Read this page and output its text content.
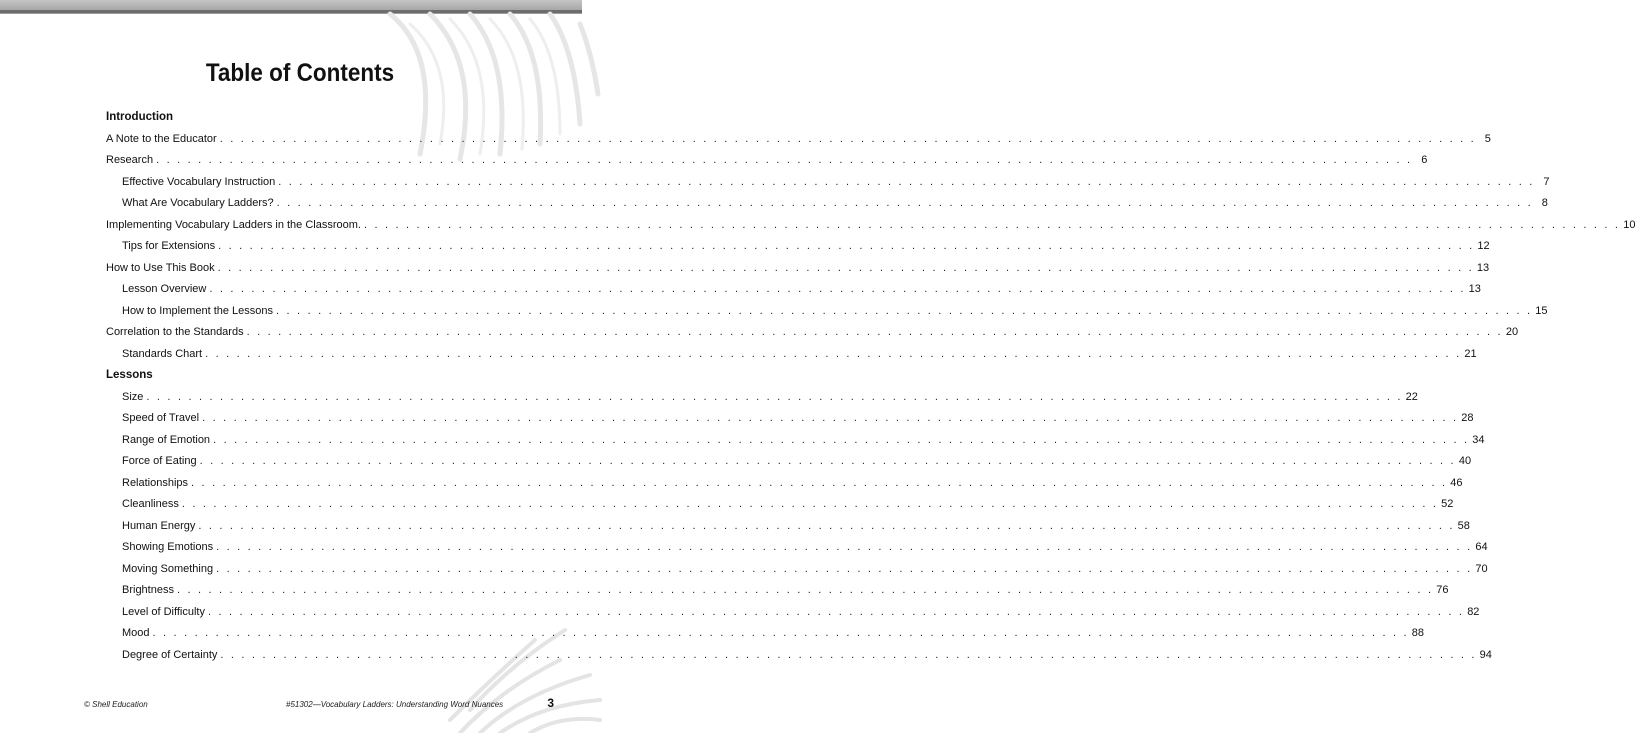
Table of Contents
Introduction
A Note to the Educator . . . . . . . . . . . . . . . . . . . . . . . . . . . . . . . . . . . . . . . . . . . . . . . . . . . . . . . . . . . . . . . . . . . . . . . . . . . . . . . . . . . . . . . . . . . . . . . . . . . . . . . . . . . . . . . . . . . . . . . . 5
Research . . . . . . . . . . . . . . . . . . . . . . . . . . . . . . . . . . . . . . . . . . . . . . . . . . . . . . . . . . . . . . . . . . . . . . . . . . . . . . . . . . . . . . . . . . . . . . . . . . . . . . . . . . . . . . . . . . . . . . . . 6
Effective Vocabulary Instruction . . . . . . . . . . . . . . . . . . . . . . . . . . . . . . . . . . . . . . . . . . . . . . . . . . . . . . . . . . . . . . . . . . . . . . . . . . . . . . . . . . . . . . . . . . . . . . . . . . . . . . . . . . . . . . . . . . . . . . . . 7
What Are Vocabulary Ladders? . . . . . . . . . . . . . . . . . . . . . . . . . . . . . . . . . . . . . . . . . . . . . . . . . . . . . . . . . . . . . . . . . . . . . . . . . . . . . . . . . . . . . . . . . . . . . . . . . . . . . . . . . . . . . . . . . . . . . . . . 8
Implementing Vocabulary Ladders in the Classroom. . . . . . . . . . . . . . . . . . . . . . . . . . . . . . . . . . . . . . . . . . . . . . . . . . . . . . . . . . . . . . . . . . . . . . . . . . . . . . . . . . . . . . . . . . . . . . . . . . . . . . . . . . . . . . . . . . . . . . . . . 10
Tips for Extensions . . . . . . . . . . . . . . . . . . . . . . . . . . . . . . . . . . . . . . . . . . . . . . . . . . . . . . . . . . . . . . . . . . . . . . . . . . . . . . . . . . . . . . . . . . . . . . . . . . . . . . . . . . . . . . . . . . . . . . . . 12
How to Use This Book . . . . . . . . . . . . . . . . . . . . . . . . . . . . . . . . . . . . . . . . . . . . . . . . . . . . . . . . . . . . . . . . . . . . . . . . . . . . . . . . . . . . . . . . . . . . . . . . . . . . . . . . . . . . . . . . . . . . . . . . 13
Lesson Overview . . . . . . . . . . . . . . . . . . . . . . . . . . . . . . . . . . . . . . . . . . . . . . . . . . . . . . . . . . . . . . . . . . . . . . . . . . . . . . . . . . . . . . . . . . . . . . . . . . . . . . . . . . . . . . . . . . . . . . . . 13
How to Implement the Lessons . . . . . . . . . . . . . . . . . . . . . . . . . . . . . . . . . . . . . . . . . . . . . . . . . . . . . . . . . . . . . . . . . . . . . . . . . . . . . . . . . . . . . . . . . . . . . . . . . . . . . . . . . . . . . . . . . . . . . . . . 15
Correlation to the Standards . . . . . . . . . . . . . . . . . . . . . . . . . . . . . . . . . . . . . . . . . . . . . . . . . . . . . . . . . . . . . . . . . . . . . . . . . . . . . . . . . . . . . . . . . . . . . . . . . . . . . . . . . . . . . . . . . . . . . . . . 20
Standards Chart . . . . . . . . . . . . . . . . . . . . . . . . . . . . . . . . . . . . . . . . . . . . . . . . . . . . . . . . . . . . . . . . . . . . . . . . . . . . . . . . . . . . . . . . . . . . . . . . . . . . . . . . . . . . . . . . . . . . . . . . 21
Lessons
Size . . . . . . . . . . . . . . . . . . . . . . . . . . . . . . . . . . . . . . . . . . . . . . . . . . . . . . . . . . . . . . . . . . . . . . . . . . . . . . . . . . . . . . . . . . . . . . . . . . . . . . . . . . . . . . . . . . . . . . . . 22
Speed of Travel . . . . . . . . . . . . . . . . . . . . . . . . . . . . . . . . . . . . . . . . . . . . . . . . . . . . . . . . . . . . . . . . . . . . . . . . . . . . . . . . . . . . . . . . . . . . . . . . . . . . . . . . . . . . . . . . . . . . . . . . 28
Range of Emotion . . . . . . . . . . . . . . . . . . . . . . . . . . . . . . . . . . . . . . . . . . . . . . . . . . . . . . . . . . . . . . . . . . . . . . . . . . . . . . . . . . . . . . . . . . . . . . . . . . . . . . . . . . . . . . . . . . . . . . . . 34
Force of Eating . . . . . . . . . . . . . . . . . . . . . . . . . . . . . . . . . . . . . . . . . . . . . . . . . . . . . . . . . . . . . . . . . . . . . . . . . . . . . . . . . . . . . . . . . . . . . . . . . . . . . . . . . . . . . . . . . . . . . . . . 40
Relationships . . . . . . . . . . . . . . . . . . . . . . . . . . . . . . . . . . . . . . . . . . . . . . . . . . . . . . . . . . . . . . . . . . . . . . . . . . . . . . . . . . . . . . . . . . . . . . . . . . . . . . . . . . . . . . . . . . . . . . . . 46
Cleanliness . . . . . . . . . . . . . . . . . . . . . . . . . . . . . . . . . . . . . . . . . . . . . . . . . . . . . . . . . . . . . . . . . . . . . . . . . . . . . . . . . . . . . . . . . . . . . . . . . . . . . . . . . . . . . . . . . . . . . . . . 52
Human Energy . . . . . . . . . . . . . . . . . . . . . . . . . . . . . . . . . . . . . . . . . . . . . . . . . . . . . . . . . . . . . . . . . . . . . . . . . . . . . . . . . . . . . . . . . . . . . . . . . . . . . . . . . . . . . . . . . . . . . . . . 58
Showing Emotions . . . . . . . . . . . . . . . . . . . . . . . . . . . . . . . . . . . . . . . . . . . . . . . . . . . . . . . . . . . . . . . . . . . . . . . . . . . . . . . . . . . . . . . . . . . . . . . . . . . . . . . . . . . . . . . . . . . . . . . . 64
Moving Something . . . . . . . . . . . . . . . . . . . . . . . . . . . . . . . . . . . . . . . . . . . . . . . . . . . . . . . . . . . . . . . . . . . . . . . . . . . . . . . . . . . . . . . . . . . . . . . . . . . . . . . . . . . . . . . . . . . . . . . . 70
Brightness . . . . . . . . . . . . . . . . . . . . . . . . . . . . . . . . . . . . . . . . . . . . . . . . . . . . . . . . . . . . . . . . . . . . . . . . . . . . . . . . . . . . . . . . . . . . . . . . . . . . . . . . . . . . . . . . . . . . . . . . 76
Level of Difficulty . . . . . . . . . . . . . . . . . . . . . . . . . . . . . . . . . . . . . . . . . . . . . . . . . . . . . . . . . . . . . . . . . . . . . . . . . . . . . . . . . . . . . . . . . . . . . . . . . . . . . . . . . . . . . . . . . . . . . . . . 82
Mood . . . . . . . . . . . . . . . . . . . . . . . . . . . . . . . . . . . . . . . . . . . . . . . . . . . . . . . . . . . . . . . . . . . . . . . . . . . . . . . . . . . . . . . . . . . . . . . . . . . . . . . . . . . . . . . . . . . . . . . . 88
Degree of Certainty . . . . . . . . . . . . . . . . . . . . . . . . . . . . . . . . . . . . . . . . . . . . . . . . . . . . . . . . . . . . . . . . . . . . . . . . . . . . . . . . . . . . . . . . . . . . . . . . . . . . . . . . . . . . . . . . . . . . . . . . 94
© Shell Education	#51302—Vocabulary Ladders: Understanding Word Nuances	3
